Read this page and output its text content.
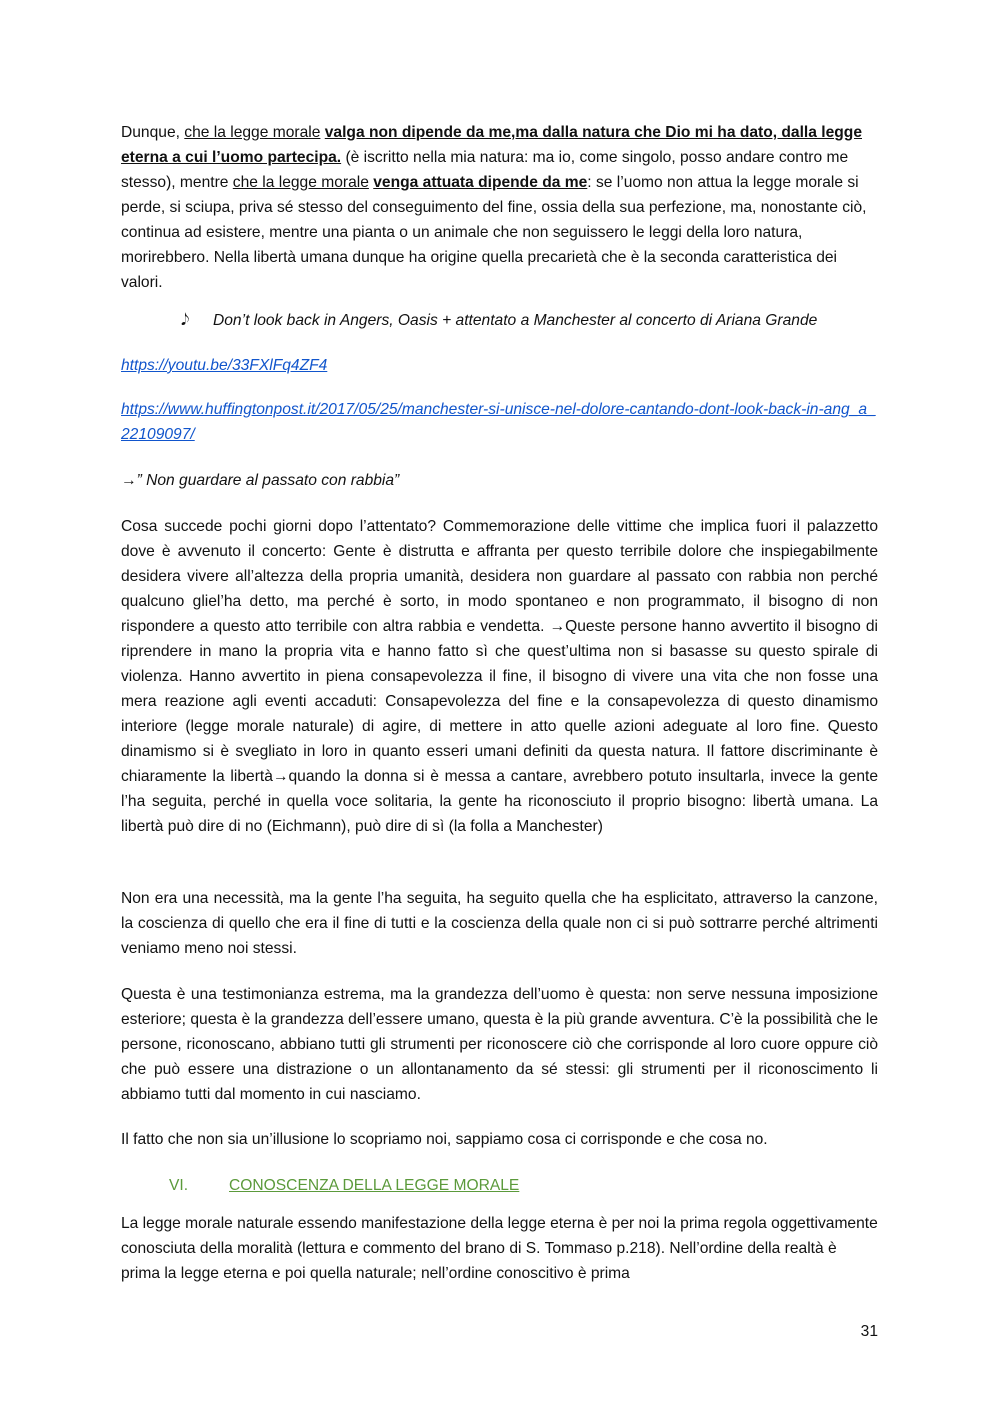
Dunque, che la legge morale valga non dipende da me,ma dalla natura che Dio mi ha dato, dalla legge eterna a cui l’uomo partecipa. (è iscritto nella mia natura: ma io, come singolo, posso andare contro me stesso), mentre che la legge morale venga attuata dipende da me: se l’uomo non attua la legge morale si perde, si sciupa, priva sé stesso del conseguimento del fine, ossia della sua perfezione, ma, nonostante ciò, continua ad esistere, mentre una pianta o un animale che non seguissero le leggi della loro natura, morirebbero. Nella libertà umana dunque ha origine quella precarietà che è la seconda caratteristica dei valori.
𝅘𝅥𝅮 Don’t look back in Angers, Oasis + attentato a Manchester al concerto di Ariana Grande
https://youtu.be/33FXlFq4ZF4
https://www.huffingtonpost.it/2017/05/25/manchester-si-unisce-nel-dolore-cantando-dont-look-back-in-ang_a_22109097/
→” Non guardare al passato con rabbia”
Cosa succede pochi giorni dopo l’attentato? Commemorazione delle vittime che implica fuori il palazzetto dove è avvenuto il concerto: Gente è distrutta e affranta per questo terribile dolore che inspiegabilmente desidera vivere all’altezza della propria umanità, desidera non guardare al passato con rabbia non perché qualcuno gliel’ha detto, ma perché è sorto, in modo spontaneo e non programmato, il bisogno di non rispondere a questo atto terribile con altra rabbia e vendetta. →Queste persone hanno avvertito il bisogno di riprendere in mano la propria vita e hanno fatto sì che quest’ultima non si basasse su questo spirale di violenza. Hanno avvertito in piena consapevolezza il fine, il bisogno di vivere una vita che non fosse una mera reazione agli eventi accaduti: Consapevolezza del fine e la consapevolezza di questo dinamismo interiore (legge morale naturale) di agire, di mettere in atto quelle azioni adeguate al loro fine. Questo dinamismo si è svegliato in loro in quanto esseri umani definiti da questa natura. Il fattore discriminante è chiaramente la libertà→quando la donna si è messa a cantare, avrebbero potuto insultarla, invece la gente l’ha seguita, perché in quella voce solitaria, la gente ha riconosciuto il proprio bisogno: libertà umana. La libertà può dire di no (Eichmann), può dire di sì (la folla a Manchester)
Non era una necessità, ma la gente l’ha seguita, ha seguito quella che ha esplicitato, attraverso la canzone, la coscienza di quello che era il fine di tutti e la coscienza della quale non ci si può sottrarre perché altrimenti veniamo meno noi stessi.
Questa è una testimonianza estrema, ma la grandezza dell’uomo è questa: non serve nessuna imposizione esteriore; questa è la grandezza dell’essere umano, questa è la più grande avventura. C’è la possibilità che le persone, riconoscano, abbiano tutti gli strumenti per riconoscere ciò che corrisponde al loro cuore oppure ciò che può essere una distrazione o un allontanamento da sé stessi: gli strumenti per il riconoscimento li abbiamo tutti dal momento in cui nasciamo.
Il fatto che non sia un’illusione lo scopriamo noi, sappiamo cosa ci corrisponde e che cosa no.
VI.	CONOSCENZA DELLA LEGGE MORALE
La legge morale naturale essendo manifestazione della legge eterna è per noi la prima regola oggettivamente conosciuta della moralità (lettura e commento del brano di S. Tommaso p.218). Nell’ordine della realtà è prima la legge eterna e poi quella naturale; nell’ordine conoscitivo è prima
31
